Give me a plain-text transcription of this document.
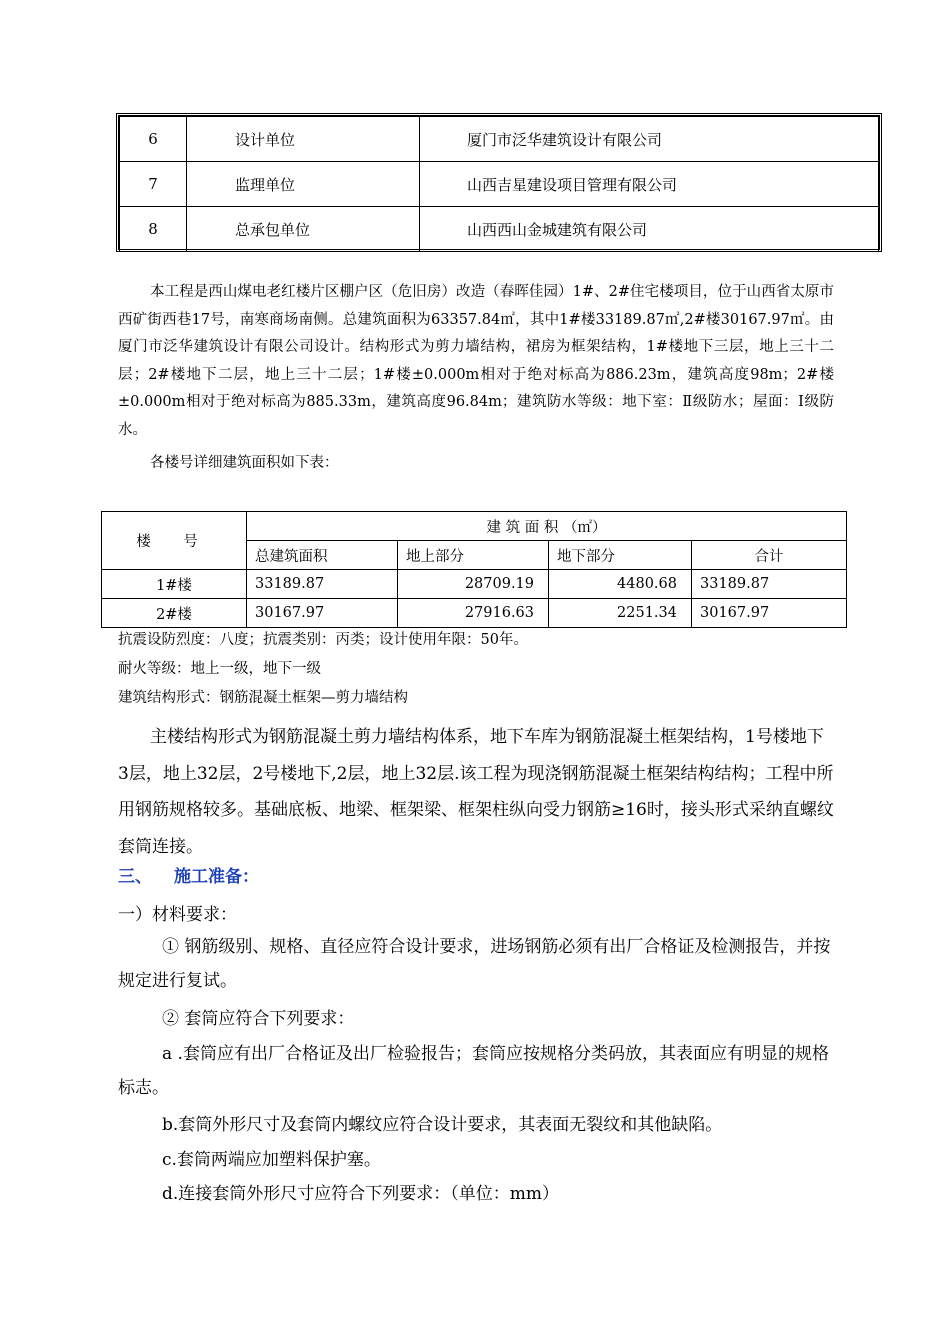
6	设计单位	厦门市泛华建筑设计有限公司
7	监理单位	山西吉星建设项目管理有限公司
8	总承包单位	山西西山金城建筑有限公司
本工程是西山煤电老红楼片区棚户区（危旧房）改造（春晖佳园）1#、2#住宅楼项目，位于山西省太原市西矿街西巷17号，南寒商场南侧。总建筑面积为63357.84㎡，其中1#楼33189.87㎡,2#楼30167.97㎡。由厦门市泛华建筑设计有限公司设计。结构形式为剪力墙结构，裙房为框架结构，1#楼地下三层，地上三十二层；2#楼地下二层，地上三十二层；1#楼±0.000m相对于绝对标高为886.23m，建筑高度98m；2#楼±0.000m相对于绝对标高为885.33m，建筑高度96.84m；建筑防水等级：地下室：Ⅱ级防水；屋面：Ⅰ级防水。
各楼号详细建筑面积如下表：
楼 号	建 筑 面 积 （㎡）			
	总建筑面积	地上部分	地下部分	合计
1#楼	33189.87	28709.19	4480.68	33189.87
2#楼	30167.97	27916.63	2251.34	30167.97
抗震设防烈度：八度；抗震类别：丙类；设计使用年限：50年。
耐火等级：地上一级，地下一级
建筑结构形式：钢筋混凝土框架—剪力墙结构
主楼结构形式为钢筋混凝土剪力墙结构体系，地下车库为钢筋混凝土框架结构，1号楼地下3层，地上32层，2号楼地下,2层，地上32层.该工程为现浇钢筋混凝土框架结构结构；工程中所用钢筋规格较多。基础底板、地梁、框架梁、框架柱纵向受力钢筋≥16时，接头形式采纳直螺纹套筒连接。
三、 施工准备：
一）材料要求：
① 钢筋级别、规格、直径应符合设计要求，进场钢筋必须有出厂合格证及检测报告，并按规定进行复试。
② 套筒应符合下列要求：
a .套筒应有出厂合格证及出厂检验报告；套筒应按规格分类码放，其表面应有明显的规格标志。
b.套筒外形尺寸及套筒内螺纹应符合设计要求，其表面无裂纹和其他缺陷。
c.套筒两端应加塑料保护塞。
d.连接套筒外形尺寸应符合下列要求：（单位：mm）
